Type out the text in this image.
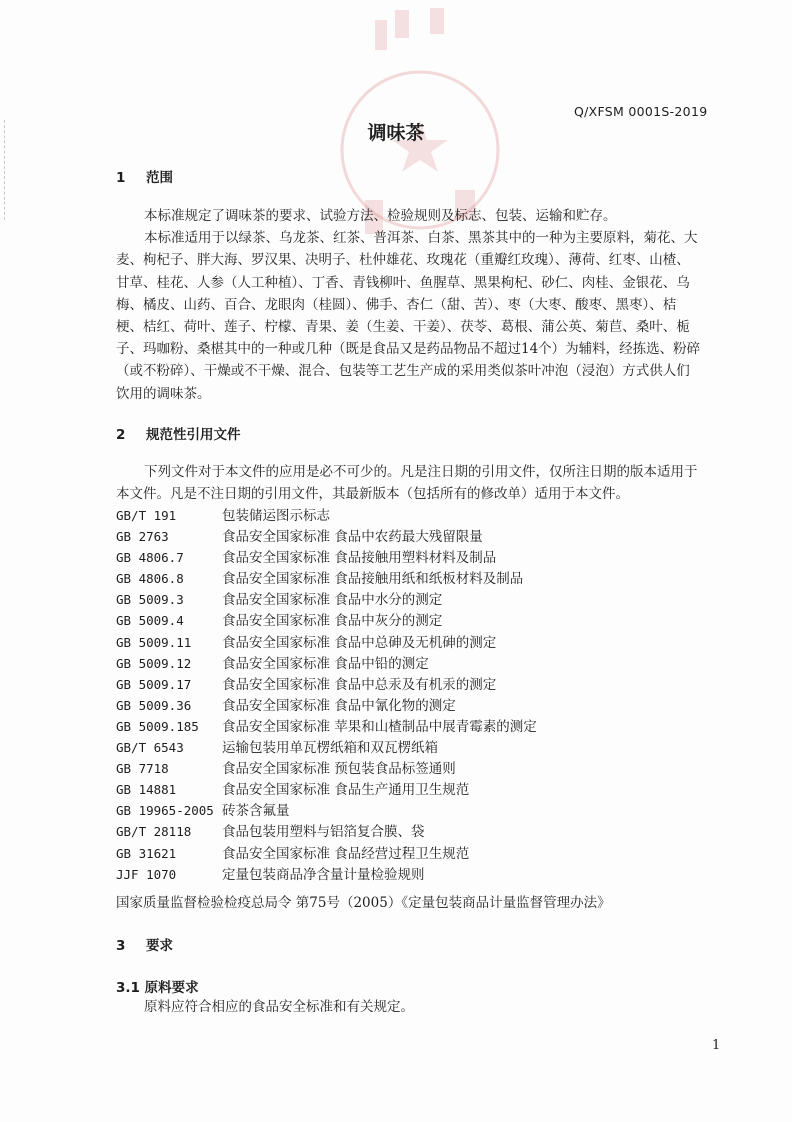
Q/XFSM 0001S-2019
调味茶
1 范围
本标准规定了调味茶的要求、试验方法、检验规则及标志、包装、运输和贮存。
本标准适用于以绿茶、乌龙茶、红茶、普洱茶、白茶、黑茶其中的一种为主要原料，菊花、大
麦、枸杞子、胖大海、罗汉果、决明子、杜仲雄花、玫瑰花（重瓣红玫瑰）、薄荷、红枣、山楂、
甘草、桂花、人参（人工种植）、丁香、青钱柳叶、鱼腥草、黑果枸杞、砂仁、肉桂、金银花、乌
梅、橘皮、山药、百合、龙眼肉（桂圆）、佛手、杏仁（甜、苦）、枣（大枣、酸枣、黑枣）、桔
梗、桔红、荷叶、莲子、柠檬、青果、姜（生姜、干姜）、茯苓、葛根、蒲公英、菊苣、桑叶、栀
子、玛咖粉、桑椹其中的一种或几种（既是食品又是药品物品不超过14个）为辅料，经拣选、粉碎
（或不粉碎）、干燥或不干燥、混合、包装等工艺生产成的采用类似茶叶冲泡（浸泡）方式供人们
饮用的调味茶。
2 规范性引用文件
下列文件对于本文件的应用是必不可少的。凡是注日期的引用文件，仅所注日期的版本适用于
本文件。凡是不注日期的引用文件，其最新版本（包括所有的修改单）适用于本文件。
GB/T 191	包装储运图示标志
GB 2763	食品安全国家标准 食品中农药最大残留限量
GB 4806.7	食品安全国家标准 食品接触用塑料材料及制品
GB 4806.8	食品安全国家标准 食品接触用纸和纸板材料及制品
GB 5009.3	食品安全国家标准 食品中水分的测定
GB 5009.4	食品安全国家标准 食品中灰分的测定
GB 5009.11 食品安全国家标准 食品中总砷及无机砷的测定
GB 5009.12 食品安全国家标准 食品中铅的测定
GB 5009.17 食品安全国家标准 食品中总汞及有机汞的测定
GB 5009.36 食品安全国家标准 食品中氰化物的测定
GB 5009.185食品安全国家标准 苹果和山楂制品中展青霉素的测定
GB/T 6543	运输包装用单瓦楞纸箱和双瓦楞纸箱
GB 7718	食品安全国家标准 预包装食品标签通则
GB 14881	食品安全国家标准 食品生产通用卫生规范
GB 19965-2005 砖茶含氟量
GB/T 28118 食品包装用塑料与铝箔复合膜、袋
GB 31621	食品安全国家标准 食品经营过程卫生规范
JJF 1070	定量包装商品净含量计量检验规则
国家质量监督检验检疫总局令 第75号（2005）《定量包装商品计量监督管理办法》
3 要求
3.1 原料要求
原料应符合相应的食品安全标准和有关规定。
1
